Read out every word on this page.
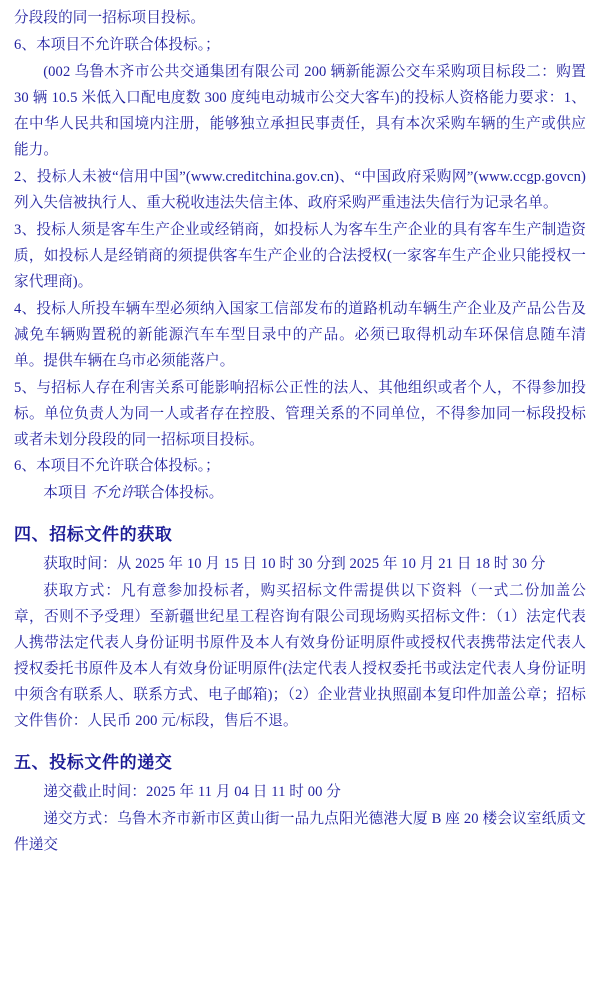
分段段的同一招标项目投标。

6、本项目不允许联合体投标。；

(002 乌鲁木齐市公共交通集团有限公司 200 辆新能源公交车采购项目标段二：购置 30 辆 10.5 米低入口配电度数 300 度纯电动城市公交大客车)的投标人资格能力要求：1、在中华人民共和国境内注册，能够独立承担民事责任，具有本次采购车辆的生产或供应能力。

2、投标人未被“信用中国”(www.creditchina.gov.cn)、“中国政府采购网”(www.ccgp.govcn)列入失信被执行人、重大税收违法失信主体、政府采购严重违法失信行为记录名单。

3、投标人须是客车生产企业或经销商，如投标人为客车生产企业的具有客车生产制造资质，如投标人是经销商的须提供客车生产企业的合法授权(一家客车生产企业只能授权一家代理商)。

4、投标人所投车辆车型必须纳入国家工信部发布的道路机动车辆生产企业及产品公告及减免车辆购置税的新能源汽车车型目录中的产品。必须已取得机动车环保信息随车清单。提供车辆在乌市必须能落户。

5、与招标人存在利害关系可能影响招标公正性的法人、其他组织或者个人，不得参加投标。单位负责人为同一人或者存在控股、管理关系的不同单位，不得参加同一标段投标或者未划分段段的同一招标项目投标。

6、本项目不允许联合体投标。；

本项目 不允许联合体投标。

四、招标文件的获取

获取时间：从 2025 年 10 月 15 日 10 时 30 分到 2025 年 10 月 21 日 18 时 30 分

获取方式：凡有意参加投标者，购买招标文件需提供以下资料（一式二份加盖公章，否则不予受理）至新疆世纪星工程咨询有限公司现场购买招标文件：（1）法定代表人携带法定代表人身份证明书原件及本人有效身份证明原件或授权代表携带法定代表人授权委托书原件及本人有效身份证明原件(法定代表人授权委托书或法定代表人身份证明中须含有联系人、联系方式、电子邮箱)；（2）企业营业执照副本复印件加盖公章；招标文件售价：人民币 200 元/标段，售后不退。

五、投标文件的递交

递交截止时间：2025 年 11 月 04 日 11 时 00 分

递交方式：乌鲁木齐市新市区黄山街一品九点阳光德港大厦 B 座 20 楼会议室纸质文件递交
